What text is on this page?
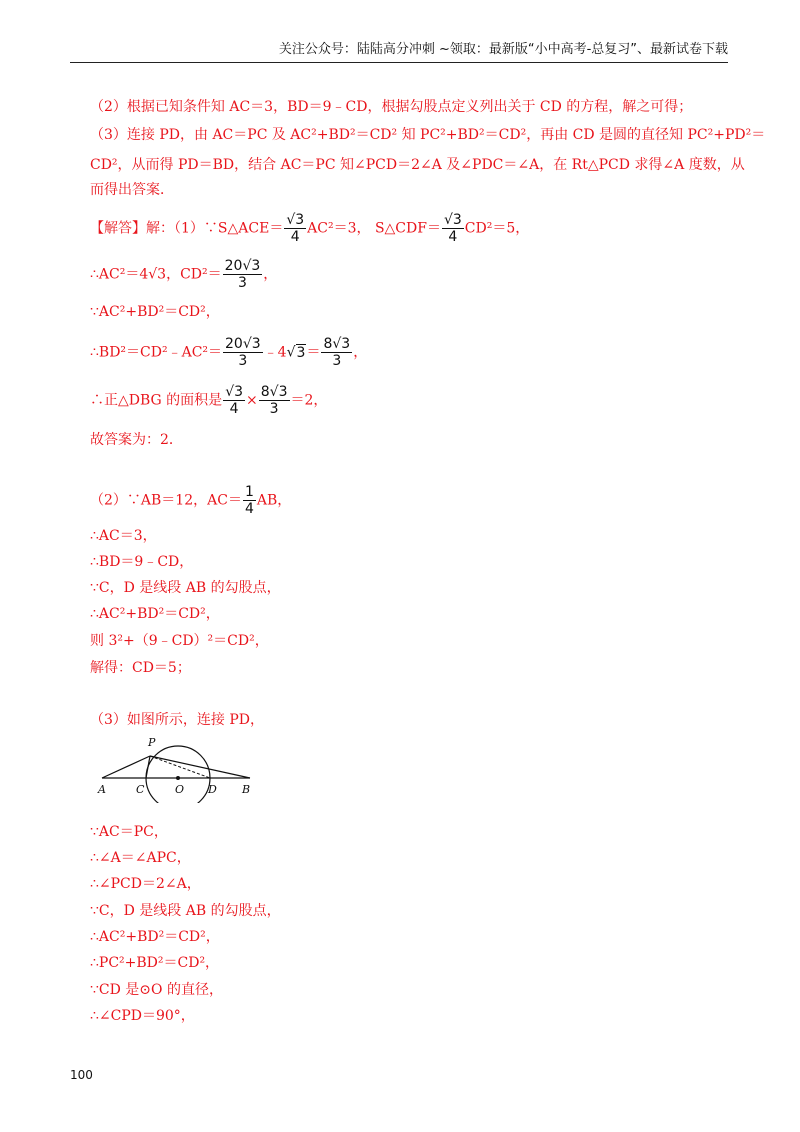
关注公众号：陆陆高分冲刺 ~领取：最新版“小中高考-总复习”、最新试卷下载
（2）根据已知条件知 AC＝3，BD＝9﹣CD，根据勾股点定义列出关于 CD 的方程，解之可得；
（3）连接 PD，由 AC＝PC 及 AC²+BD²＝CD² 知 PC²+BD²＝CD²，再由 CD 是圆的直径知 PC²+PD²＝
CD²，从而得 PD＝BD，结合 AC＝PC 知∠PCD＝2∠A 及∠PDC＝∠A，在 Rt△PCD 求得∠A 度数，从
而得出答案．
【解答】解：（1）∵S△ACE＝ $\frac{√3}{4} AC^2=3$， S△CDF＝ $\frac{√3}{4} CD^2=5$，
∴AC²＝4√3，$CD^2= \frac{20√3}{3}$ ，
∵AC²+BD²＝CD²，
∴BD²＝CD²﹣AC²＝ $\frac{20√3}{3}$ ﹣4√3＝ $\frac{8√3}{3}$ ，
∴正△DBG 的面积是 $\frac{√3}{4} \times \frac{8√3}{3} =2$，
故答案为：2．
（2）∵AB＝12，$AC= \frac{1}{4}$ AB，
∴AC＝3，
∴BD＝9﹣CD，
∵C，D 是线段 AB 的勾股点，
∴AC²+BD²＝CD²，
则 3²+（9﹣CD）²＝CD²，
解得：CD＝5；
（3）如图所示，连接 PD，
A	C	O D B
P
∵AC＝PC，
∴∠A＝∠APC，
∴∠PCD＝2∠A，
∵C，D 是线段 AB 的勾股点，
∴AC²+BD²＝CD²，
∴PC²+BD²＝CD²，
∵CD 是⊙O 的直径，
∴∠CPD＝90°，
100
